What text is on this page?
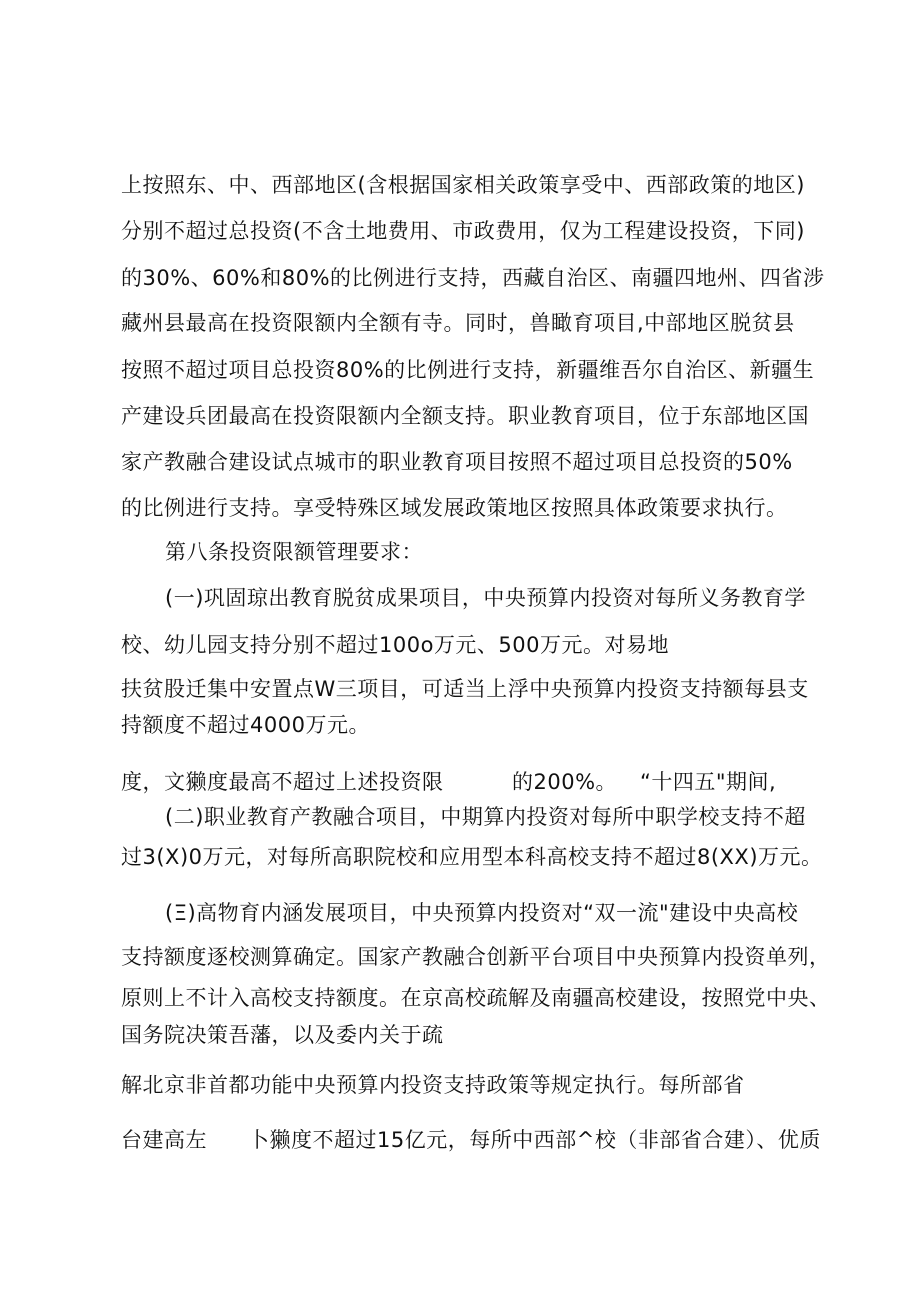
上按照东、中、西部地区(含根据国家相关政策享受中、西部政策的地区)
分别不超过总投资(不含土地费用、市政费用，仅为工程建设投资，下同)
的30%、60%和80%的比例进行支持，西藏自治区、南疆四地州、四省涉
藏州县最高在投资限额内全额有寺。同时，兽瞰育项目,中部地区脱贫县
按照不超过项目总投资80%的比例进行支持，新疆维吾尔自治区、新疆生
产建设兵团最高在投资限额内全额支持。职业教育项目，位于东部地区国
家产教融合建设试点城市的职业教育项目按照不超过项目总投资的50%
的比例进行支持。享受特殊区域发展政策地区按照具体政策要求执行。
第八条投资限额管理要求：
(一)巩固琼出教育脱贫成果项目，中央预算内投资对每所义务教育学
校、幼儿园支持分别不超过100o万元、500万元。对易地
扶贫股迁集中安置点W三项目，可适当上浮中央预算内投资支持额每县支
持额度不超过4000万元。
度，文獭度最高不超过上述投资限	的200%。 “十四五"期间,
(二)职业教育产教融合项目，中期算内投资对每所中职学校支持不超
过3(X)0万元，对每所高职院校和应用型本科高校支持不超过8(XX)万元。
(Ξ)高物育内涵发展项目，中央预算内投资对“双一流"建设中央高校
支持额度逐校测算确定。国家产教融合创新平台项目中央预算内投资单列，
原则上不计入高校支持额度。在京高校疏解及南疆高校建设，按照党中央、
国务院决策吾藩，以及委内关于疏
解北京非首都功能中央预算内投资支持政策等规定执行。每所部省
台建高左 卜獭度不超过15亿元，每所中西部^校（非部省合建）、优质
